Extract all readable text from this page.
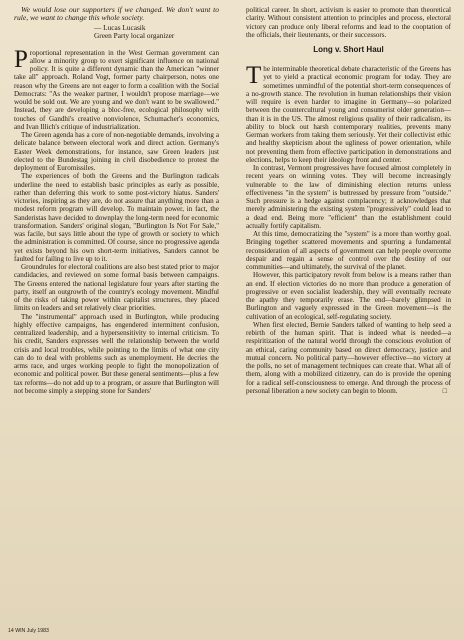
We would lose our supporters if we changed. We don't want to rule, we want to change this whole society.

— Lucas Lucasik
Green Party local organizer

Proportional representation in the West German government can allow a minority group to exert significant influence on national policy. It is quite a different dynamic than the American "winner take all" approach. Roland Vogt, former party chairperson, notes one reason why the Greens are not eager to form a coalition with the Social Democrats: "As the weaker partner, I wouldn't propose marriage—we would be sold out. We are young and we don't want to be swallowed." Instead, they are developing a bloc-free, ecological philosophy with touches of Gandhi's creative nonviolence, Schumacher's economics, and Ivan Illich's critique of industrialization.

The Green agenda has a core of non-negotiable demands, involving a delicate balance between electoral work and direct action. Germany's Easter Week demonstrations, for instance, saw Green leaders just elected to the Bundestag joining in civil disobedience to protest the deployment of Euromissiles.

The experiences of both the Greens and the Burlington radicals underline the need to establish basic principles as early as possible, rather than deferring this work to some post-victory hiatus. Sanders' victories, inspiring as they are, do not assure that anything more than a modest reform program will develop. To maintain power, in fact, the Sanderistas have decided to downplay the long-term need for economic transformation. Sanders' original slogan, "Burlington Is Not For Sale," was facile, but says little about the type of growth or society to which the administration is committed. Of course, since no progressive agenda yet exists beyond his own short-term initiatives, Sanders cannot be faulted for failing to live up to it.

Groundrules for electoral coalitions are also best stated prior to major candidacies, and reviewed on some formal basis between campaigns. The Greens entered the national legislature four years after starting the party, itself an outgrowth of the country's ecology movement. Mindful of the risks of taking power within capitalist structures, they placed limits on leaders and set relatively clear priorities.

The "instrumental" approach used in Burlington, while producing highly effective campaigns, has engendered intermittent confusion, centralized leadership, and a hypersensitivity to internal criticism. To his credit, Sanders expresses well the relationship between the world crisis and local troubles, while pointing to the limits of what one city can do to deal with problems such as unemployment. He decries the arms race, and urges working people to fight the monopolization of economic and political power. But these general sentiments—plus a few tax reforms—do not add up to a program, or assure that Burlington will not become simply a stepping stone for Sanders'

political career. In short, activism is easier to promote than theoretical clarity. Without consistent attention to principles and process, electoral victory can produce only liberal reforms and lead to the cooptation of the officials, their lieutenants, or their successors.

Long v. Short Haul

The interminable theoretical debate characteristic of the Greens has yet to yield a practical economic program for today. They are sometimes unmindful of the potential short-term consequences of a no-growth stance. The revolution in human relationships their vision will require is even harder to imagine in Germany—so polarized between the countercultural young and consumerist older generation—than it is in the US. The almost religious quality of their radicalism, its ability to block out harsh contemporary realities, prevents many German workers from taking them seriously. Yet their collectivist ethic and healthy skepticism about the ugliness of power orientation, while not preventing them from effective participation in demonstrations and elections, helps to keep their ideology front and center.

In contrast, Vermont progressives have focused almost completely in recent years on winning votes. They will become increasingly vulnerable to the law of diminishing election returns unless effectiveness "in the system" is buttressed by pressure from "outside." Such pressure is a hedge against complacency; it acknowledges that merely administering the existing system "progressively" could lead to a dead end. Being more "efficient" than the establishment could actually fortify capitalism.

At this time, democratizing the "system" is a more than worthy goal. Bringing together scattered movements and spurring a fundamental reconsideration of all aspects of government can help people overcome despair and regain a sense of control over the destiny of our communities—and ultimately, the survival of the planet.

However, this participatory revolt from below is a means rather than an end. If election victories do no more than produce a generation of progressive or even socialist leadership, they will eventually recreate the apathy they temporarily erase. The end—barely glimpsed in Burlington and vaguely expressed in the Green movement—is the cultivation of an ecological, self-regulating society.

When first elected, Bernie Sanders talked of wanting to help seed a rebirth of the human spirit. That is indeed what is needed—a respiritization of the natural world through the conscious evolution of an ethical, caring community based on direct democracy, justice and mutual concern. No political party—however effective—no victory at the polls, no set of management techniques can create that. What all of them, along with a mobilized citizenry, can do is provide the opening for a radical self-consciousness to emerge. And through the process of personal liberation a new society can begin to bloom.	□

14 WIN July 1983
